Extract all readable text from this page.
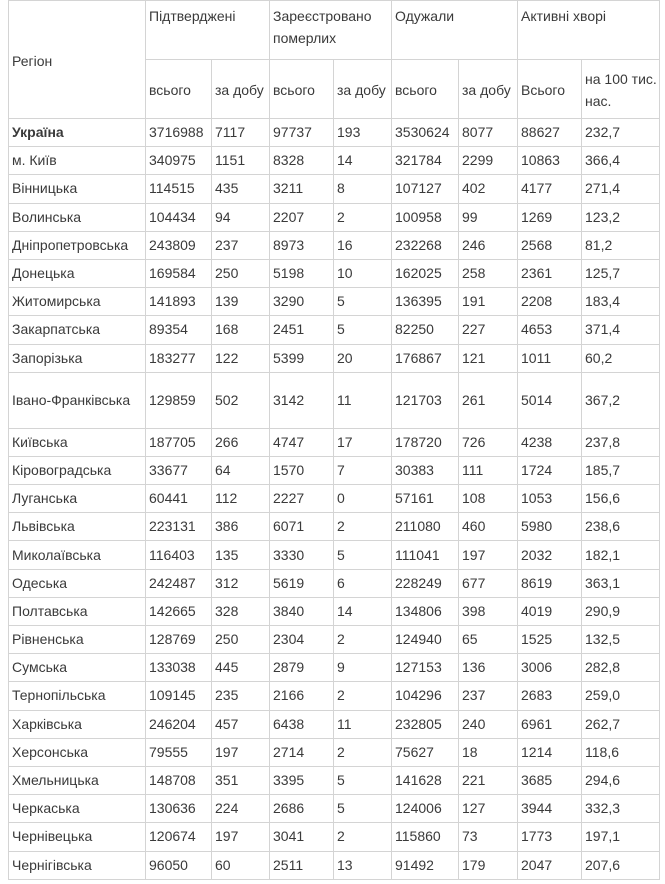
Регіон	Підтверджені		Зареєстровано померлих		Одужали		Активні хворі	
	всього	за добу	всього	за добу	всього	за добу	Всього	на 100 тис. нас.
Україна	3716988	7117	97737	193	3530624	8077	88627	232,7
м. Київ	340975	1151	8328	14	321784	2299	10863	366,4
Вінницька	114515	435	3211	8	107127	402	4177	271,4
Волинська	104434	94	2207	2	100958	99	1269	123,2
Дніпропетровська	243809	237	8973	16	232268	246	2568	81,2
Донецька	169584	250	5198	10	162025	258	2361	125,7
Житомирська	141893	139	3290	5	136395	191	2208	183,4
Закарпатська	89354	168	2451	5	82250	227	4653	371,4
Запорізька	183277	122	5399	20	176867	121	1011	60,2
Івано-Франківська	129859	502	3142	11	121703	261	5014	367,2
Київська	187705	266	4747	17	178720	726	4238	237,8
Кіровоградська	33677	64	1570	7	30383	111	1724	185,7
Луганська	60441	112	2227	0	57161	108	1053	156,6
Львівська	223131	386	6071	2	211080	460	5980	238,6
Миколаївська	116403	135	3330	5	111041	197	2032	182,1
Одеська	242487	312	5619	6	228249	677	8619	363,1
Полтавська	142665	328	3840	14	134806	398	4019	290,9
Рівненська	128769	250	2304	2	124940	65	1525	132,5
Сумська	133038	445	2879	9	127153	136	3006	282,8
Тернопільська	109145	235	2166	2	104296	237	2683	259,0
Харківська	246204	457	6438	11	232805	240	6961	262,7
Херсонська	79555	197	2714	2	75627	18	1214	118,6
Хмельницька	148708	351	3395	5	141628	221	3685	294,6
Черкаська	130636	224	2686	5	124006	127	3944	332,3
Чернівецька	120674	197	3041	2	115860	73	1773	197,1
Чернігівська	96050	60	2511	13	91492	179	2047	207,6
